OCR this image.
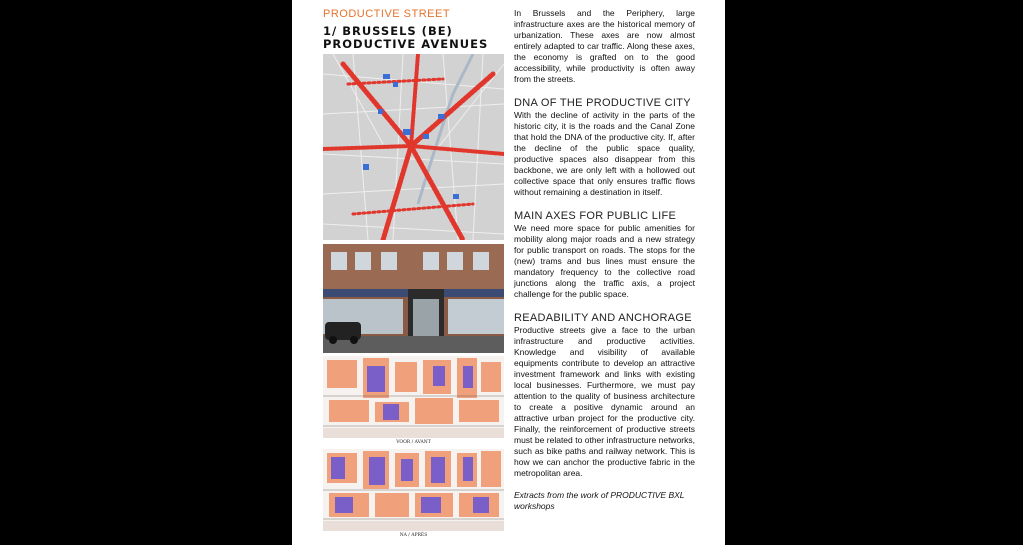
PRODUCTIVE STREET
1/ BRUSSELS (BE)
PRODUCTIVE AVENUES
VOOR / AVANT
NA / APRÈS

In Brussels and the Periphery, large infrastructure axes are the historical memory of urbanization. These axes are now almost entirely adapted to car traffic. Along these axes, the economy is grafted on to the good accessibility, while productivity is often away from the streets.

DNA OF THE PRODUCTIVE CITY

With the decline of activity in the parts of the historic city, it is the roads and the Canal Zone that hold the DNA of the productive city. If, after the decline of the public space quality, productive spaces also disappear from this backbone, we are only left with a hollowed out collective space that only ensures traffic flows without remaining a destination in itself.

MAIN AXES FOR PUBLIC LIFE

We need more space for public amenities for mobility along major roads and a new strategy for public transport on roads. The stops for the (new) trams and bus lines must ensure the mandatory frequency to the collective road junctions along the traffic axis, a project challenge for the public space.

READABILITY AND ANCHORAGE

Productive streets give a face to the urban infrastructure and productive activities. Knowledge and visibility of available equipments contribute to develop an attractive investment framework and links with existing local businesses. Furthermore, we must pay attention to the quality of business architecture to create a positive dynamic around an attractive urban project for the productive city. Finally, the reinforcement of productive streets must be related to other infrastructure networks, such as bike paths and railway network. This is how we can anchor the productive fabric in the metropolitan area.

Extracts from the work of PRODUCTIVE BXL workshops
